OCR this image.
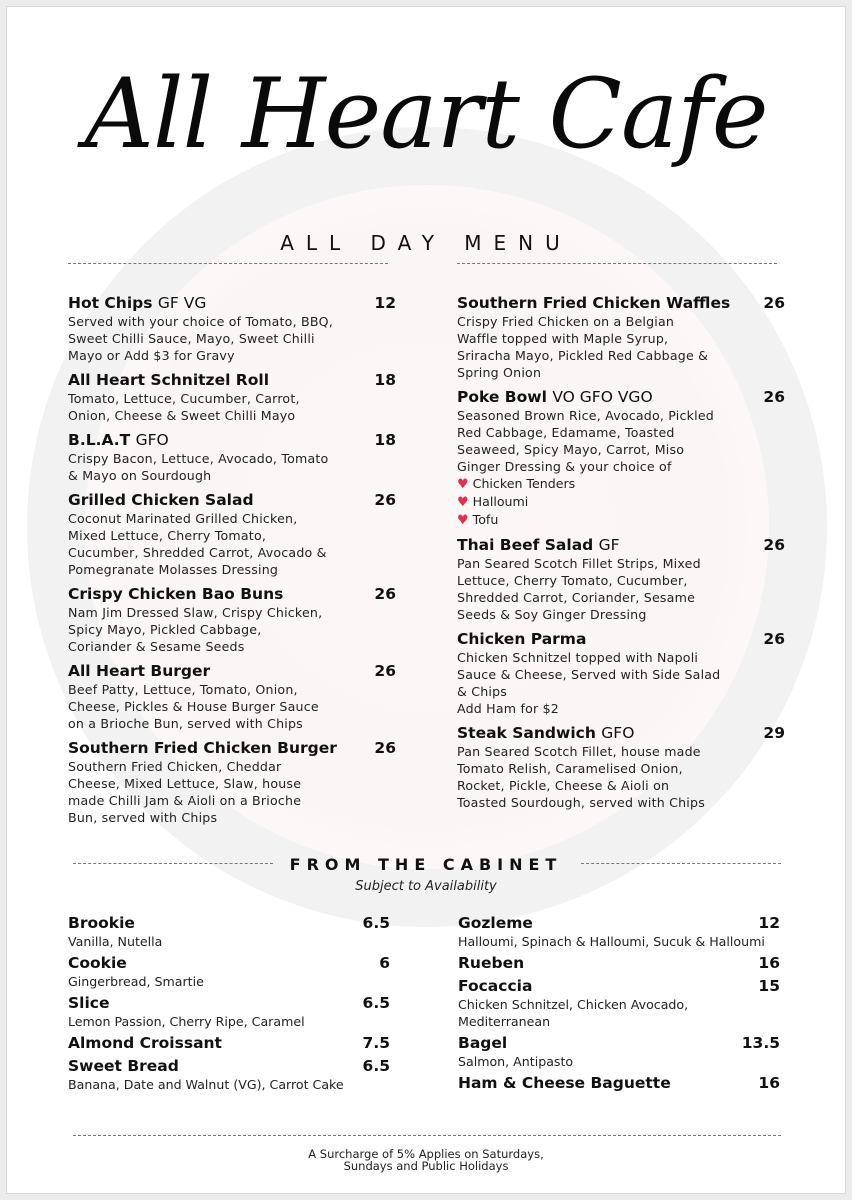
All Heart Cafe
ALL DAY MENU
Hot Chips GF VG	12
Served with your choice of Tomato, BBQ,
Sweet Chilli Sauce, Mayo, Sweet Chilli
Mayo or Add $3 for Gravy
All Heart Schnitzel Roll	18
Tomato, Lettuce, Cucumber, Carrot,
Onion, Cheese & Sweet Chilli Mayo
B.L.A.T GFO	18
Crispy Bacon, Lettuce, Avocado, Tomato
& Mayo on Sourdough
Grilled Chicken Salad	26
Coconut Marinated Grilled Chicken,
Mixed Lettuce, Cherry Tomato,
Cucumber, Shredded Carrot, Avocado &
Pomegranate Molasses Dressing
Crispy Chicken Bao Buns	26
Nam Jim Dressed Slaw, Crispy Chicken,
Spicy Mayo, Pickled Cabbage,
Coriander & Sesame Seeds
All Heart Burger	26
Beef Patty, Lettuce, Tomato, Onion,
Cheese, Pickles & House Burger Sauce
on a Brioche Bun, served with Chips
Southern Fried Chicken Burger 26
Southern Fried Chicken, Cheddar
Cheese, Mixed Lettuce, Slaw, house
made Chilli Jam & Aioli on a Brioche
Bun, served with Chips
Southern Fried Chicken Waffles 26
Crispy Fried Chicken on a Belgian
Waffle topped with Maple Syrup,
Sriracha Mayo, Pickled Red Cabbage &
Spring Onion
Poke Bowl VO GFO VGO	26
Seasoned Brown Rice, Avocado, Pickled
Red Cabbage, Edamame, Toasted
Seaweed, Spicy Mayo, Carrot, Miso
Ginger Dressing & your choice of
♥ Chicken Tenders
♥ Halloumi
♥ Tofu
Thai Beef Salad GF	26
Pan Seared Scotch Fillet Strips, Mixed
Lettuce, Cherry Tomato, Cucumber,
Shredded Carrot, Coriander, Sesame
Seeds & Soy Ginger Dressing
Chicken Parma	26
Chicken Schnitzel topped with Napoli
Sauce & Cheese, Served with Side Salad
& Chips
Add Ham for $2
Steak Sandwich GFO	29
Pan Seared Scotch Fillet, house made
Tomato Relish, Caramelised Onion,
Rocket, Pickle, Cheese & Aioli on
Toasted Sourdough, served with Chips
FROM THE CABINET
Subject to Availability
Brookie	6.5
Vanilla, Nutella
Cookie	6
Gingerbread, Smartie
Slice	6.5
Lemon Passion, Cherry Ripe, Caramel
Almond Croissant	7.5
Sweet Bread	6.5
Banana, Date and Walnut (VG), Carrot Cake
Gozleme	12
Halloumi, Spinach & Halloumi, Sucuk & Halloumi
Rueben	16
Focaccia	15
Chicken Schnitzel, Chicken Avocado, Mediterranean
Bagel	13.5
Salmon, Antipasto
Ham & Cheese Baguette	16
A Surcharge of 5% Applies on Saturdays,
Sundays and Public Holidays
